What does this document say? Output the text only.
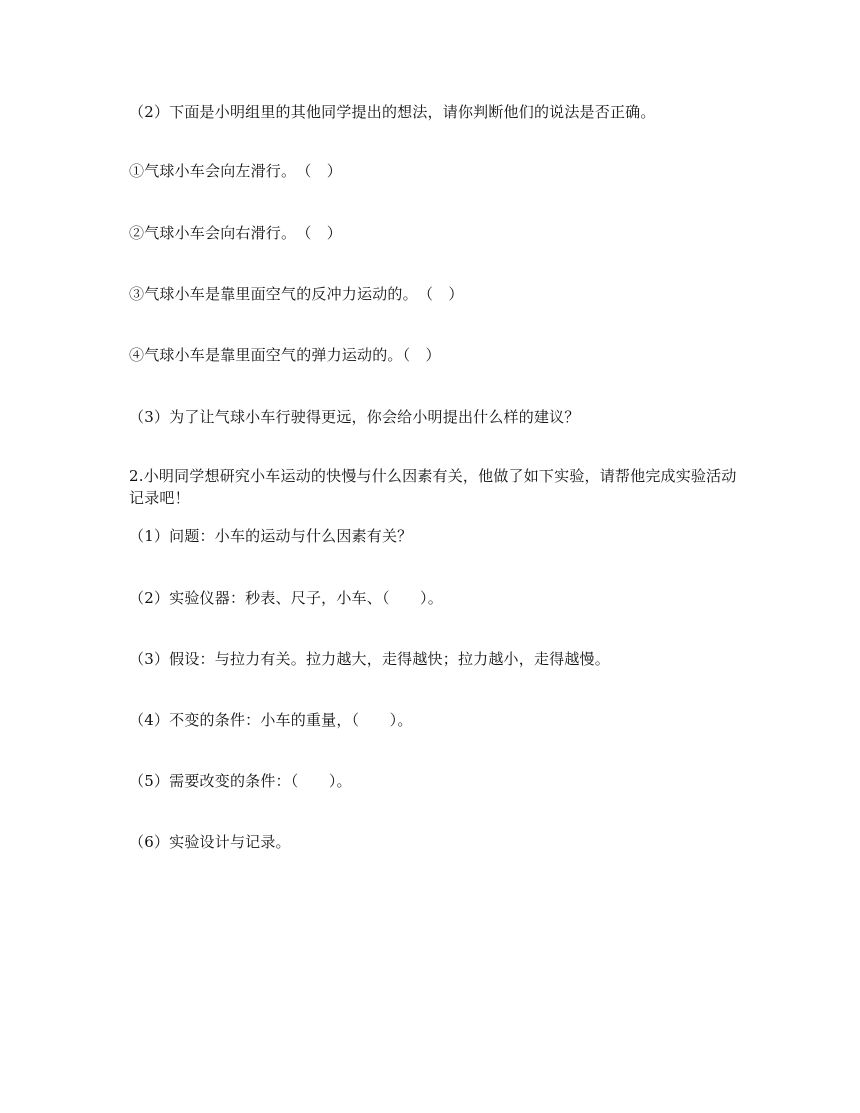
（2）下面是小明组里的其他同学提出的想法，请你判断他们的说法是否正确。
①气球小车会向左滑行。　（　）
②气球小车会向右滑行。　（　）
③气球小车是靠里面空气的反冲力运动的。　（　）
④气球小车是靠里面空气的弹力运动的。（　）
（3）为了让气球小车行驶得更远，你会给小明提出什么样的建议？
2.小明同学想研究小车运动的快慢与什么因素有关，他做了如下实验，请帮他完成实验活动记录吧！
（1）问题：小车的运动与什么因素有关？
（2）实验仪器：秒表、尺子，小车、（　　）。
（3）假设：与拉力有关。拉力越大，走得越快；拉力越小，走得越慢。
（4）不变的条件：小车的重量，（　　）。
（5）需要改变的条件：（　　）。
（6）实验设计与记录。
